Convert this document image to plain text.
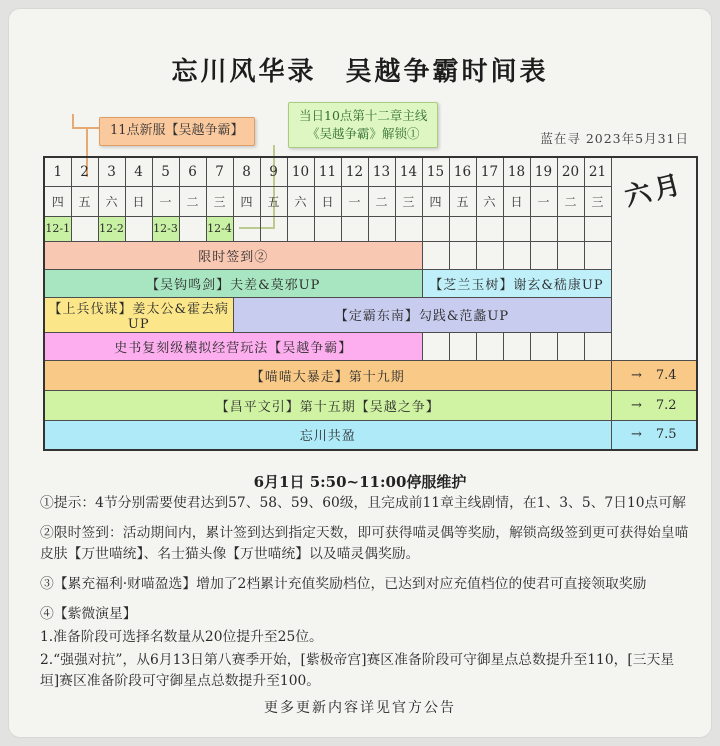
忘川风华录　吴越争霸时间表
11点新服【吴越争霸】
当日10点第十二章主线
《吴越争霸》解锁①	蓝在寻 2023年5月31日
1	2	3	4	5	6	7	8	9	10	11	12	13	14	15	16	17	18	19	20	21	六月
四	五	六	日	一	二	三	四	五	六	日	一	二	三	四	五	六	日	一	二	三	
12-1		12-2		12-3		12-4															
限时签到②																					
【吴钩鸣剑】夫差&莫邪UP														【芝兰玉树】谢玄&嵇康UP							
【上兵伐谋】姜太公&霍去病UP							【定霸东南】勾践&范蠡UP														
史书复刻级模拟经营玩法【吴越争霸】																					
【喵喵大暴走】第十九期																					→ 7.4

【昌平文引】第十五期【吴越之争】																					→ 7.2

忘川共盈																					→ 7.5
6月1日 5:50~11:00停服维护

①提示：4节分别需要使君达到57、58、59、60级，且完成前11章主线剧情，在1、3、5、7日10点可解

②限时签到：活动期间内，累计签到达到指定天数，即可获得喵灵偶等奖励，解锁高级签到更可获得始皇喵皮肤【万世喵统】、名士猫头像【万世喵统】以及喵灵偶奖励。

③【累充福利·财喵盈选】增加了2档累计充值奖励档位，已达到对应充值档位的使君可直接领取奖励

④【紫微演星】

1.准备阶段可选择名数量从20位提升至25位。

2.“强强对抗”，从6月13日第八赛季开始，[紫极帝宫]赛区准备阶段可守御星点总数提升至110，[三天星垣]赛区准备阶段可守御星点总数提升至100。

更多更新内容详见官方公告
